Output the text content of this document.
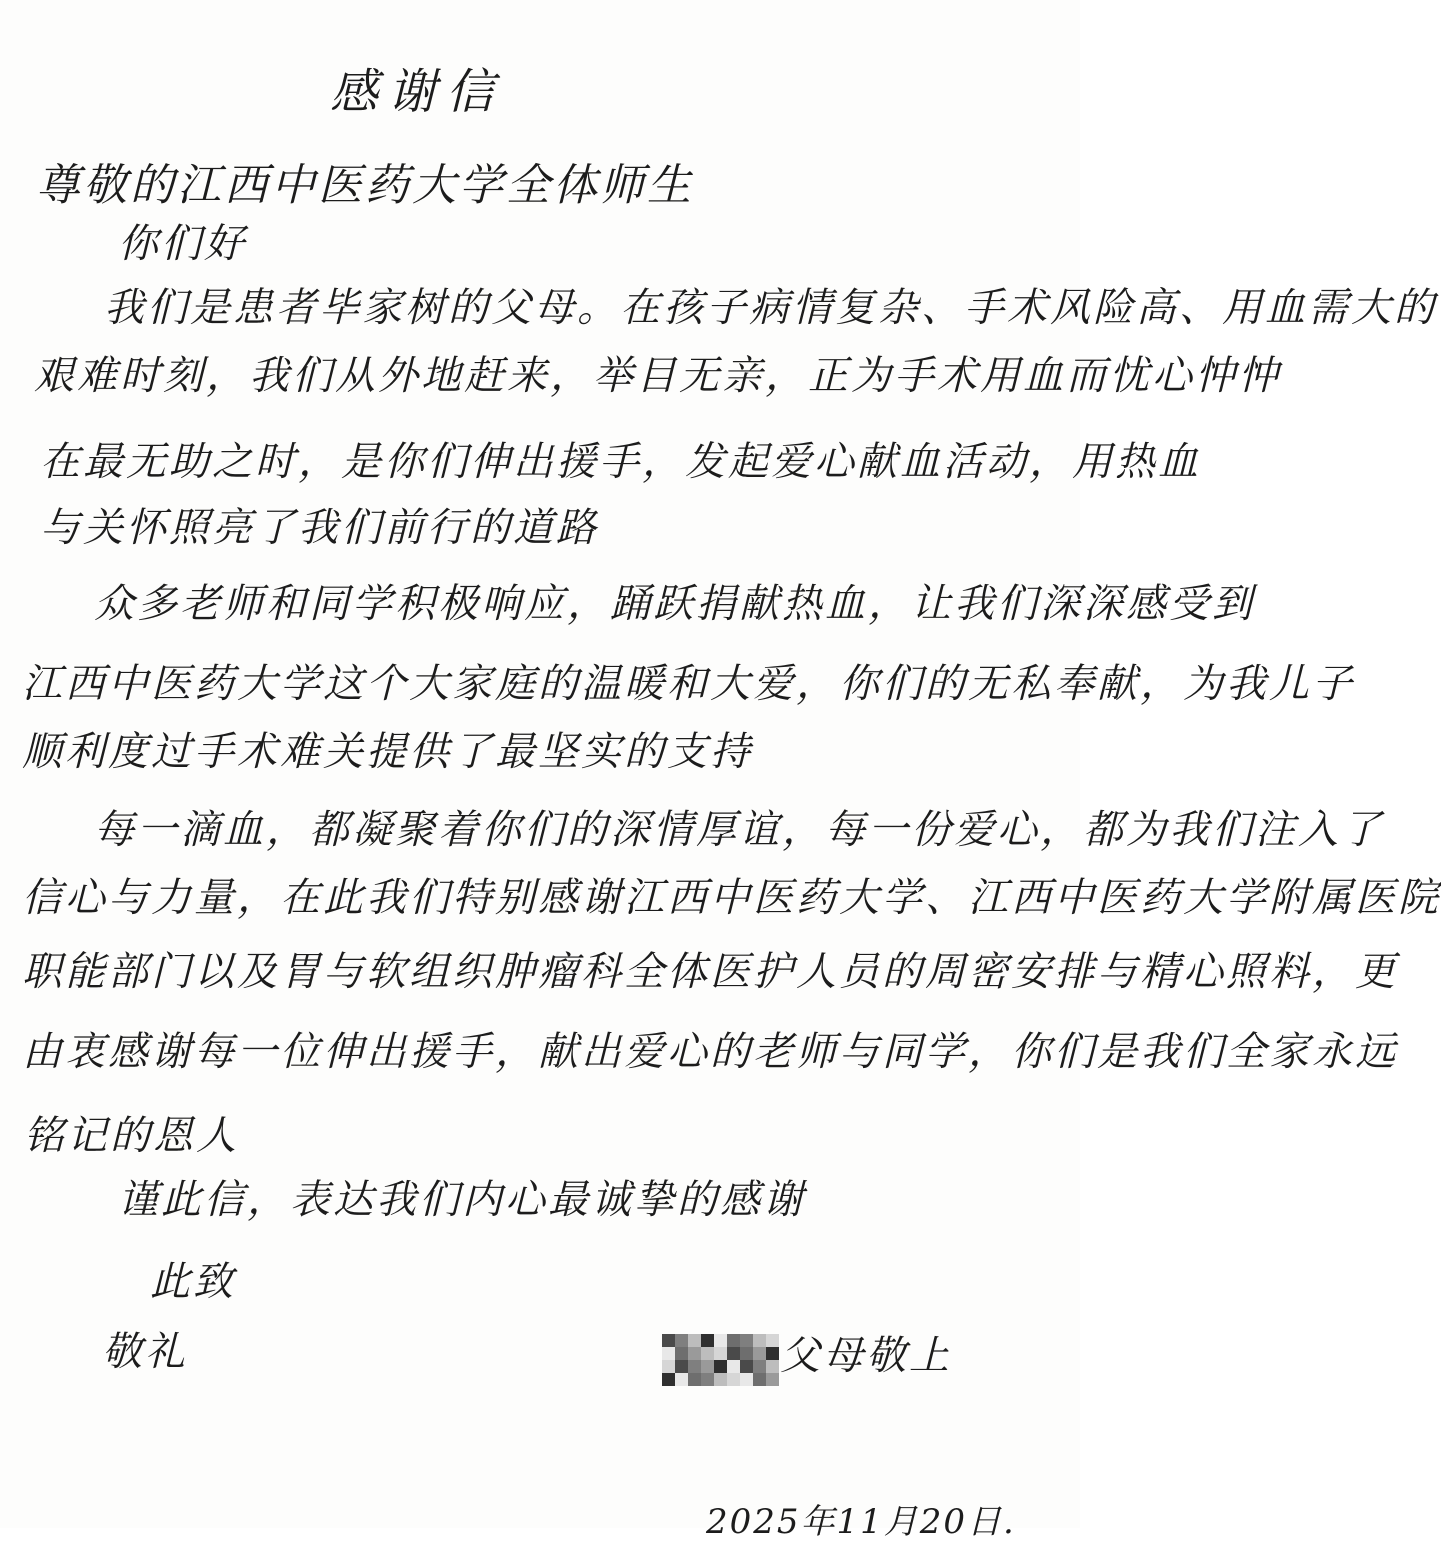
感谢信
尊敬的江西中医药大学全体师生
你们好
我们是患者毕家树的父母。在孩子病情复杂、手术风险高、用血需大的
艰难时刻，我们从外地赶来，举目无亲，正为手术用血而忧心忡忡
在最无助之时，是你们伸出援手，发起爱心献血活动，用热血
与关怀照亮了我们前行的道路
众多老师和同学积极响应，踊跃捐献热血，让我们深深感受到
江西中医药大学这个大家庭的温暖和大爱，你们的无私奉献，为我儿子
顺利度过手术难关提供了最坚实的支持
每一滴血，都凝聚着你们的深情厚谊，每一份爱心，都为我们注入了
信心与力量，在此我们特别感谢江西中医药大学、江西中医药大学附属医院
职能部门以及胃与软组织肿瘤科全体医护人员的周密安排与精心照料，更
由衷感谢每一位伸出援手，献出爱心的老师与同学，你们是我们全家永远
铭记的恩人
谨此信，表达我们内心最诚挚的感谢
此致
敬礼	父母敬上
2025年11月20日.
